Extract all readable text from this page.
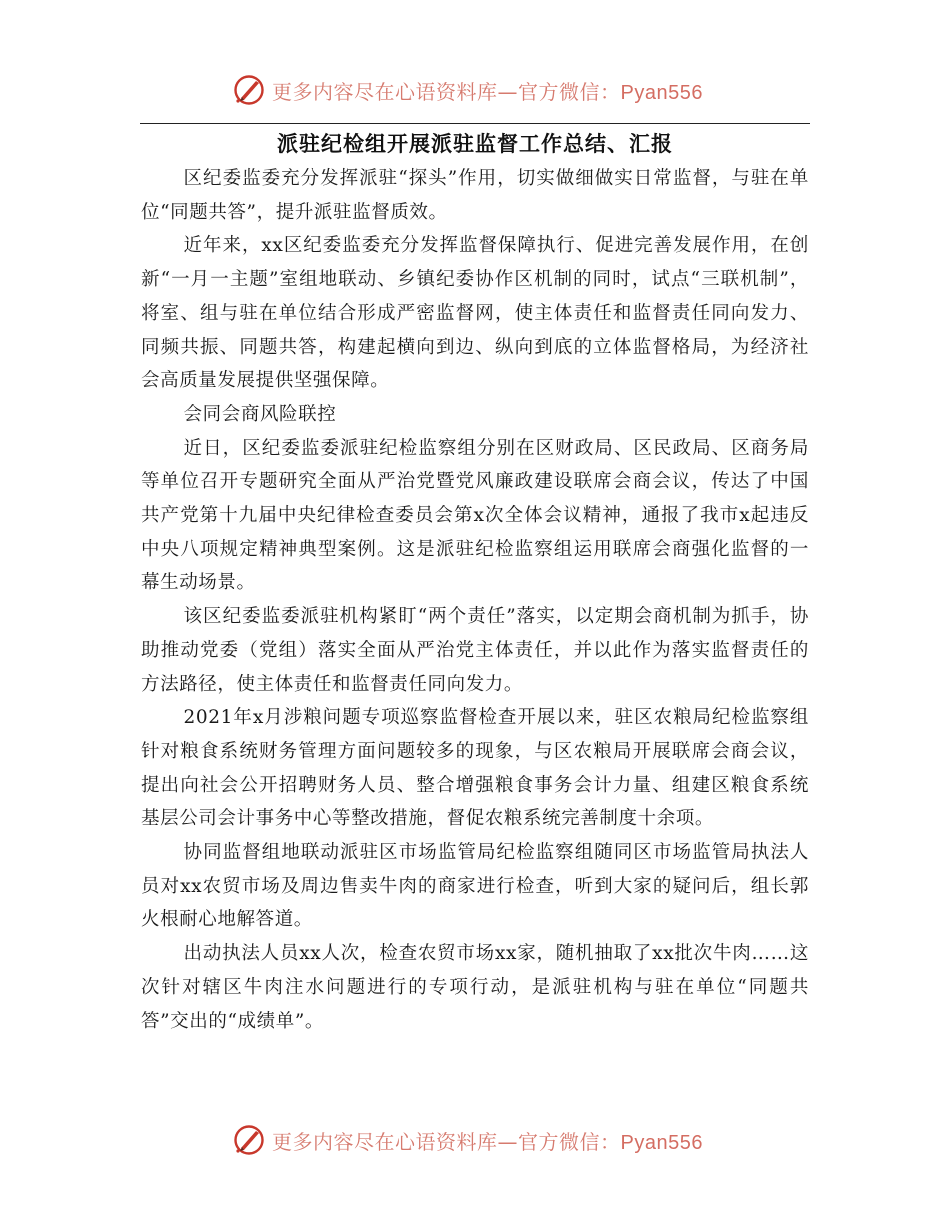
更多内容尽在心语资料库—官方微信：Pyan556
派驻纪检组开展派驻监督工作总结、汇报

区纪委监委充分发挥派驻“探头”作用，切实做细做实日常监督，与驻在单位“同题共答”，提升派驻监督质效。

近年来，xx区纪委监委充分发挥监督保障执行、促进完善发展作用，在创新“一月一主题”室组地联动、乡镇纪委协作区机制的同时，试点“三联机制”，将室、组与驻在单位结合形成严密监督网，使主体责任和监督责任同向发力、同频共振、同题共答，构建起横向到边、纵向到底的立体监督格局，为经济社会高质量发展提供坚强保障。

会同会商风险联控

近日，区纪委监委派驻纪检监察组分别在区财政局、区民政局、区商务局等单位召开专题研究全面从严治党暨党风廉政建设联席会商会议，传达了中国共产党第十九届中央纪律检查委员会第x次全体会议精神，通报了我市x起违反中央八项规定精神典型案例。这是派驻纪检监察组运用联席会商强化监督的一幕生动场景。

该区纪委监委派驻机构紧盯“两个责任”落实，以定期会商机制为抓手，协助推动党委（党组）落实全面从严治党主体责任，并以此作为落实监督责任的方法路径，使主体责任和监督责任同向发力。

2021年x月涉粮问题专项巡察监督检查开展以来，驻区农粮局纪检监察组针对粮食系统财务管理方面问题较多的现象，与区农粮局开展联席会商会议，提出向社会公开招聘财务人员、整合增强粮食事务会计力量、组建区粮食系统基层公司会计事务中心等整改措施，督促农粮系统完善制度十余项。

协同监督组地联动派驻区市场监管局纪检监察组随同区市场监管局执法人员对xx农贸市场及周边售卖牛肉的商家进行检查，听到大家的疑问后，组长郭火根耐心地解答道。

出动执法人员xx人次，检查农贸市场xx家，随机抽取了xx批次牛肉……这次针对辖区牛肉注水问题进行的专项行动，是派驻机构与驻在单位“同题共答”交出的“成绩单”。

更多内容尽在心语资料库—官方微信：Pyan556
